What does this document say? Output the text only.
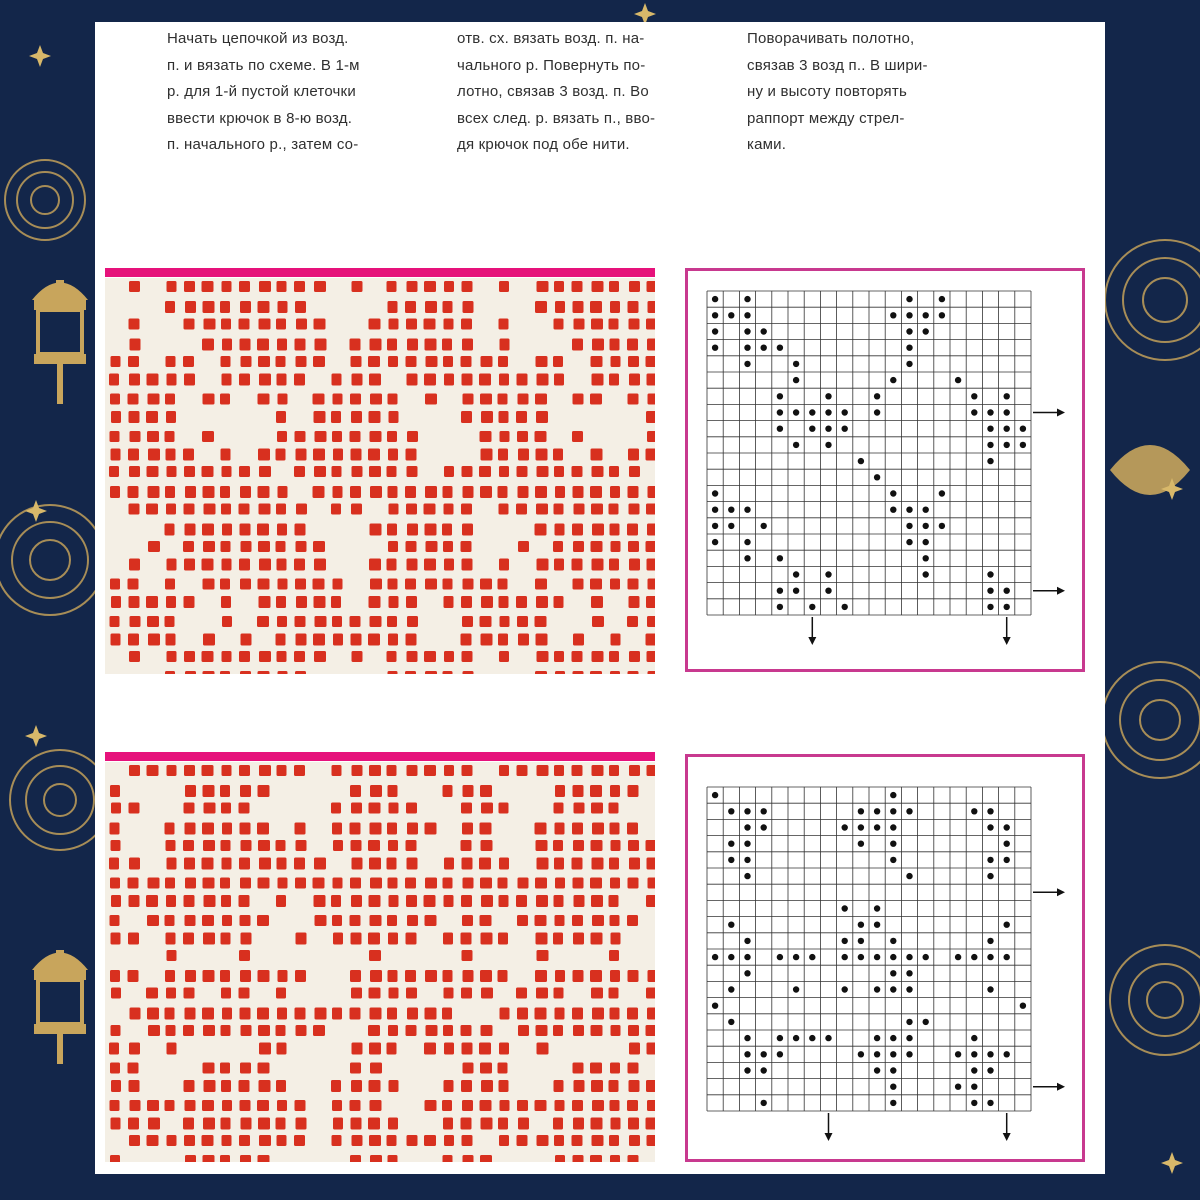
Начать цепочкой из возд.
п. и вязать по схеме. В 1-м
р. для 1-й пустой клеточки
ввести крючок в 8-ю возд.
п. начального р., затем со-
отв. сх. вязать возд. п. на-
чального р. Повернуть по-
лотно, связав 3 возд. п. Во
всех след. р. вязать п., вво-
дя крючок под обе нити.
Поворачивать полотно,
связав 3 возд п.. В шири-
ну и высоту повторять
раппорт между стрел-
ками.
